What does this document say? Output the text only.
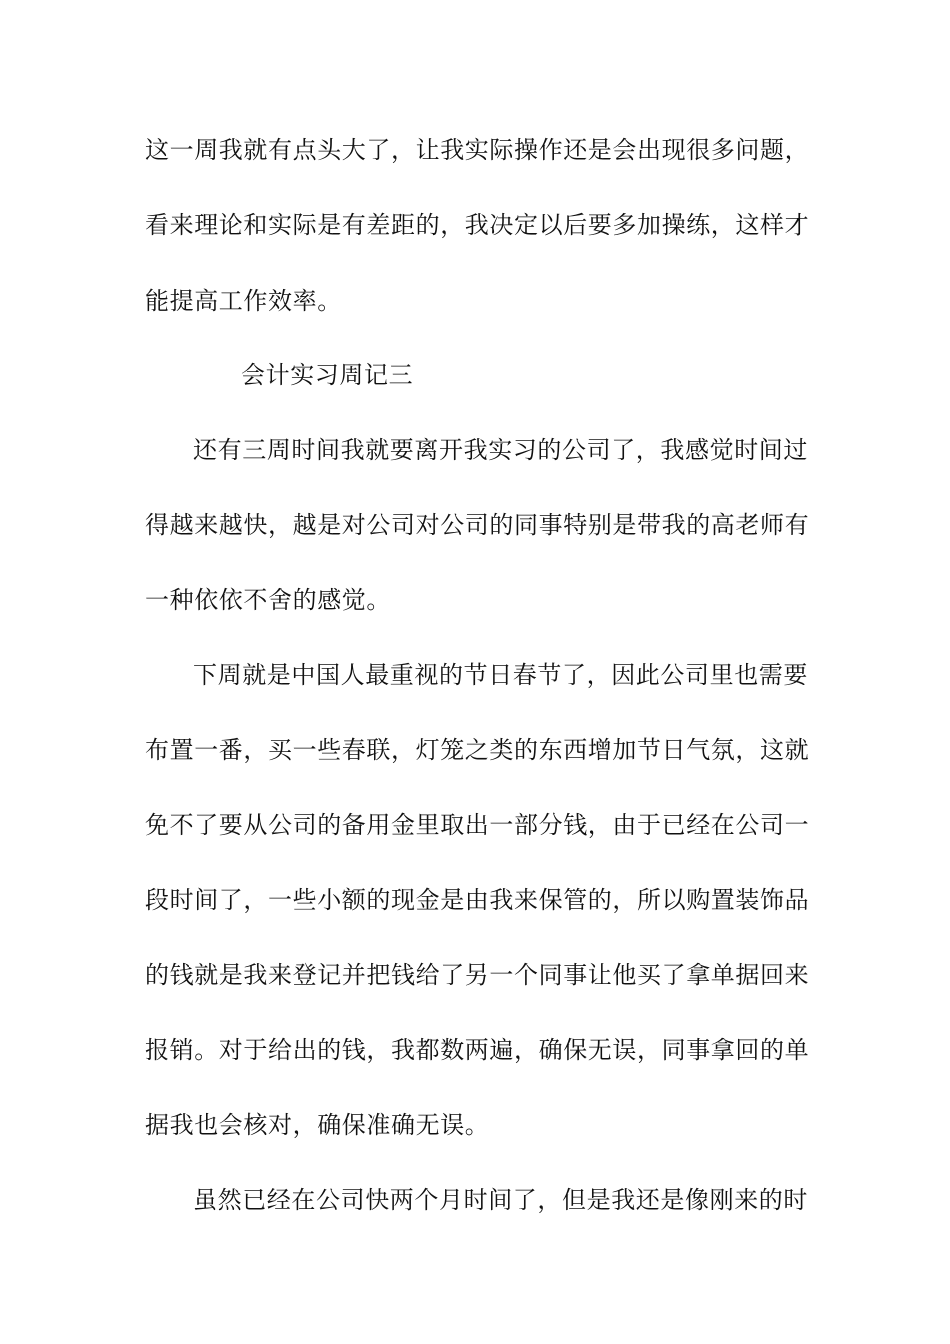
这一周我就有点头大了，让我实际操作还是会出现很多问题，
看来理论和实际是有差距的，我决定以后要多加操练，这样才
能提高工作效率。
会计实习周记三
还有三周时间我就要离开我实习的公司了，我感觉时间过
得越来越快，越是对公司对公司的同事特别是带我的高老师有
一种依依不舍的感觉。
下周就是中国人最重视的节日春节了，因此公司里也需要
布置一番，买一些春联，灯笼之类的东西增加节日气氛，这就
免不了要从公司的备用金里取出一部分钱，由于已经在公司一
段时间了，一些小额的现金是由我来保管的，所以购置装饰品
的钱就是我来登记并把钱给了另一个同事让他买了拿单据回来
报销。对于给出的钱，我都数两遍，确保无误，同事拿回的单
据我也会核对，确保准确无误。
虽然已经在公司快两个月时间了，但是我还是像刚来的时
